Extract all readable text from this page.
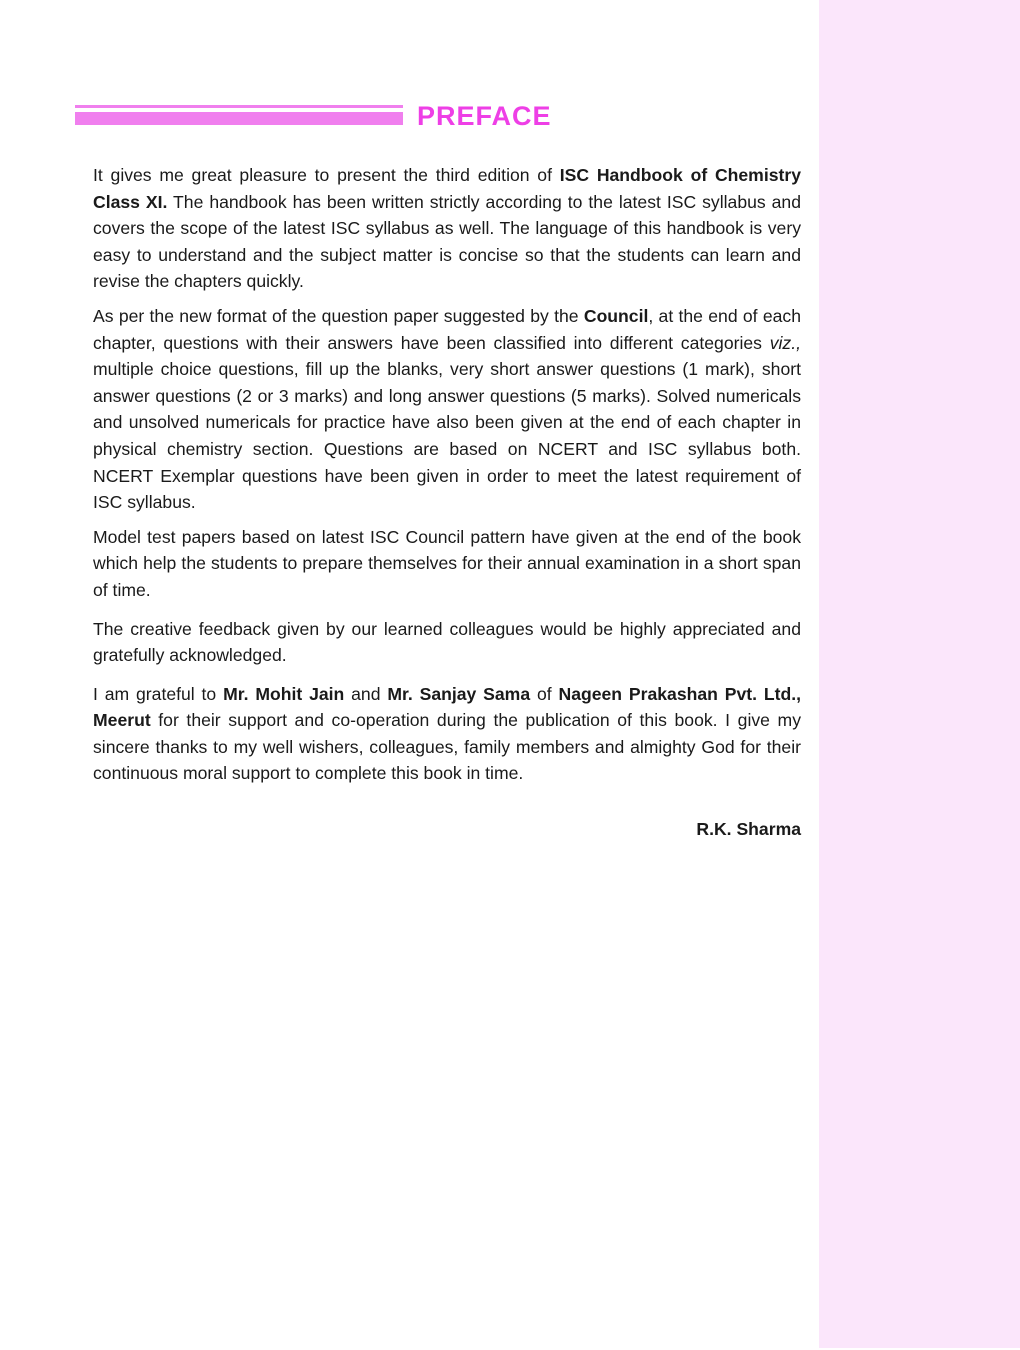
PREFACE

It gives me great pleasure to present the third edition of ISC Handbook of Chemistry Class XI. The handbook has been written strictly according to the latest ISC syllabus and covers the scope of the latest ISC syllabus as well. The language of this handbook is very easy to understand and the subject matter is concise so that the students can learn and revise the chapters quickly.

As per the new format of the question paper suggested by the Council, at the end of each chapter, questions with their answers have been classified into different categories viz., multiple choice questions, fill up the blanks, very short answer questions (1 mark), short answer questions (2 or 3 marks) and long answer questions (5 marks). Solved numericals and unsolved numericals for practice have also been given at the end of each chapter in physical chemistry section. Questions are based on NCERT and ISC syllabus both. NCERT Exemplar questions have been given in order to meet the latest requirement of ISC syllabus.

Model test papers based on latest ISC Council pattern have given at the end of the book which help the students to prepare themselves for their annual examination in a short span of time.

The creative feedback given by our learned colleagues would be highly appreciated and gratefully acknowledged.

I am grateful to Mr. Mohit Jain and Mr. Sanjay Sama of Nageen Prakashan Pvt. Ltd., Meerut for their support and co-operation during the publication of this book. I give my sincere thanks to my well wishers, colleagues, family members and almighty God for their continuous moral support to complete this book in time.

R.K. Sharma
